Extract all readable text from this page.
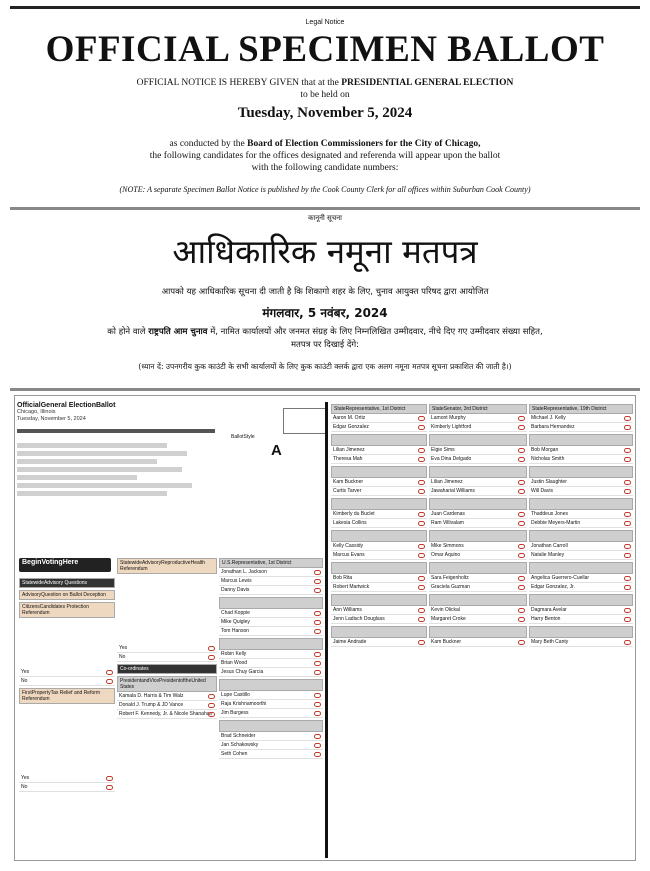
Legal Notice
OFFICIAL SPECIMEN BALLOT
OFFICIAL NOTICE IS HEREBY GIVEN that at the PRESIDENTIAL GENERAL ELECTION
to be held on
Tuesday, November 5, 2024
as conducted by the Board of Election Commissioners for the City of Chicago,
the following candidates for the offices designated and referenda will appear upon the ballot
with the following candidate numbers:
(NOTE: A separate Specimen Ballot Notice is published by the Cook County Clerk for all offices within Suburban Cook County)
कानूनी सूचना
आधिकारिक नमूना मतपत्र
आपको यह आधिकारिक सूचना दी जाती है कि शिकागो शहर के लिए, चुनाव आयुक्त परिषद द्वारा आयोजित
मंगलवार, 5 नवंबर, 2024
को होने वाले राष्ट्रपति आम चुनाव में, नामित कार्यालयों और जनमत संग्रह के लिए निम्नलिखित उम्मीदवार, नीचे दिए गए उम्मीदवार संख्या सहित,
मतपत्र पर दिखाई देंगे:
(ध्यान दें: उपनगरीय कुक काउंटी के सभी कार्यालयों के लिए कुक काउंटी क्लर्क द्वारा एक अलग नमूना मतपत्र सूचना प्रकाशित की जाती है।)
OfficialGeneral ElectionBallot
Chicago, Illinois
Tuesday, November 5, 2024
BallotStyle
A
BeginVotingHere
StatewideAdvisory Questions
AdvisoryQuestion on Ballot Deception
CitizensCandidates Protection Referendum
Yes
No
FirstPropertyTax Relief and Reform Referendum
Yes
No
StatewideAdvisoryReproductiveHealth Referendum
Yes
No
Co-ordinates
PresidentandVicePresidentoftheUnited States
Kamala D. Harris & Tim Walz
Donald J. Trump & JD Vance
Robert F. Kennedy, Jr. & Nicole Shanahan
U.S.Representative, 1st District
Jonathan L. Jackson
Marcus Lewis
Danny Davis
Chad Koppie
Mike Quigley
Tom Hanson
Robin Kelly
Brian Wood
Jesus Chuy Garcia
Lupe Castillo
Raja Krishnamoorthi
Jim Burgess
Brad Schneider
Jan Schakowsky
Seth Cohen
StateRepresentative, 1st District
Aaron M. Ortiz
Edgar Gonzalez
Lilian Jimenez
Theresa Mah
Kam Buckner
Curtis Tarver
Kimberly du Buclet
Lakesia Collins
Kelly Cassidy
Marcus Evans
Bob Rita
Robert Martwick
Ann Williams
Jenn Ladisch Douglass
Jaime Andrade
StateSenator, 3rd District
Lamont Murphy
Kimberly Lightford
Elgie Sims
Eva Dina Delgado
Lilian Jimenez
Jawaharial Williams
Juan Cardenas
Ram Villivalam
Mike Simmons
Omar Aquino
Sara Feigenholtz
Graciela Guzman
Kevin Olickal
Margaret Croke
Kam Buckner
StateRepresentative, 19th District
Michael J. Kelly
Barbara Hernandez
Bob Morgan
Nicholas Smith
Justin Slaughter
Will Davis
Thaddeus Jones
Debbie Meyers-Martin
Jonathan Carroll
Natalie Manley
Angelica Guerrero-Cuellar
Edgar Gonzalez, Jr.
Dagmara Avelar
Harry Benton
Mary Beth Canty
